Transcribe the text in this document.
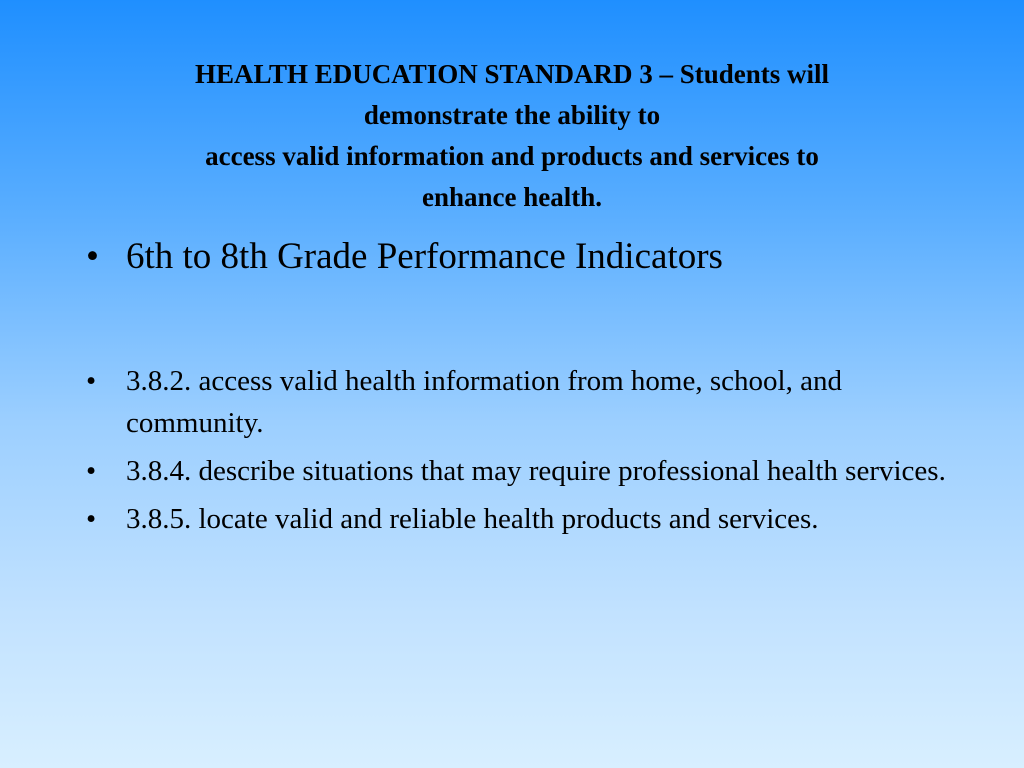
HEALTH EDUCATION STANDARD 3 – Students will
demonstrate the ability to
access valid information and products and services to
enhance health.

• 6th to 8th Grade Performance Indicators

• 3.8.2. access valid health information from home, school, and community.
• 3.8.4. describe situations that may require professional health services.
• 3.8.5. locate valid and reliable health products and services.
